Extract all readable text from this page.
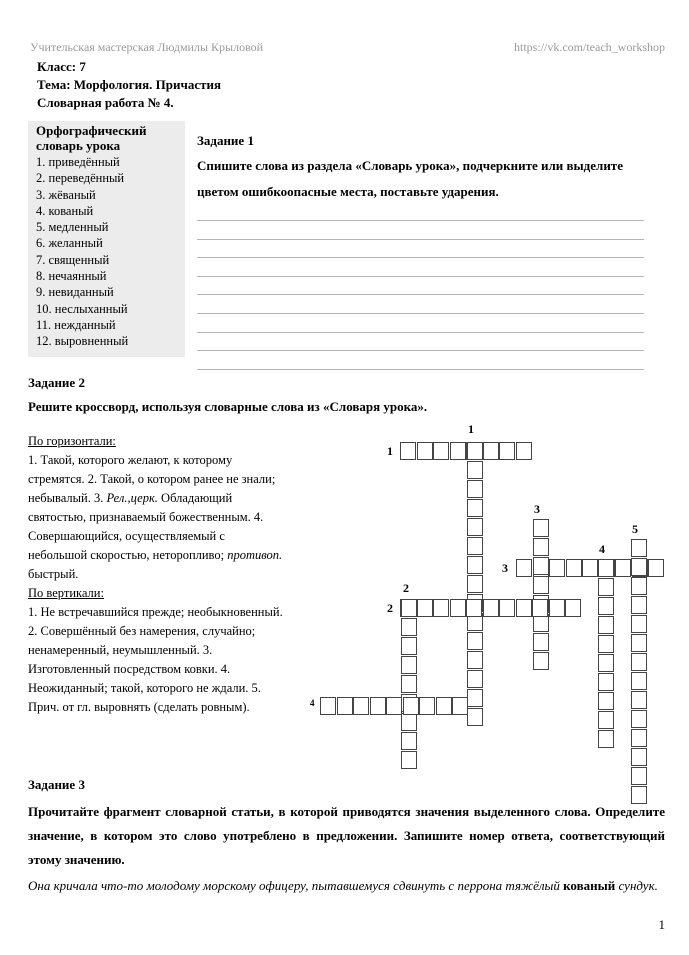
Учительская мастерская Людмилы Крыловой	https://vk.com/teach_workshop
Класс: 7
Тема: Морфология. Причастия
Словарная работа № 4.
Орфографический
словарь урока
1. приведённый
2. переведённый
3. жёваный
4. кованый
5. медленный
6. желанный
7. священный
8. нечаянный
9. невиданный
10. неслыханный
11. нежданный
12. выровненный
Задание 1
Спишите слова из раздела «Словарь урока», подчеркните или выделите цветом ошибкоопасные места, поставьте ударения.
Задание 2
Решите кроссворд, используя словарные слова из «Словаря урока».
По горизонтали:
1. Такой, которого желают, к которому стремятся. 2. Такой, о котором ранее не знали; небывалый. 3. Рел.,церк. Обладающий святостью, признаваемый божественным. 4. Совершающийся, осуществляемый с небольшой скоростью, неторопливо; противоп. быстрый.
По вертикали:
1. Не встречавшийся прежде; необыкновенный. 2. Совершённый без намерения, случайно; ненамеренный, неумышленный. 3. Изготовленный посредством ковки. 4. Неожиданный; такой, которого не ждали. 5. Прич. от гл. выровнять (сделать ровным).
1
1
3
5
4
3
2
2
4
Задание 3
Прочитайте фрагмент словарной статьи, в которой приводятся значения выделенного слова. Определите значение, в котором это слово употреблено в предложении. Запишите номер ответа, соответствующий этому значению.
Она кричала что-то молодому морскому офицеру, пытавшемуся сдвинуть с перрона тяжёлый кованый сундук.
1
